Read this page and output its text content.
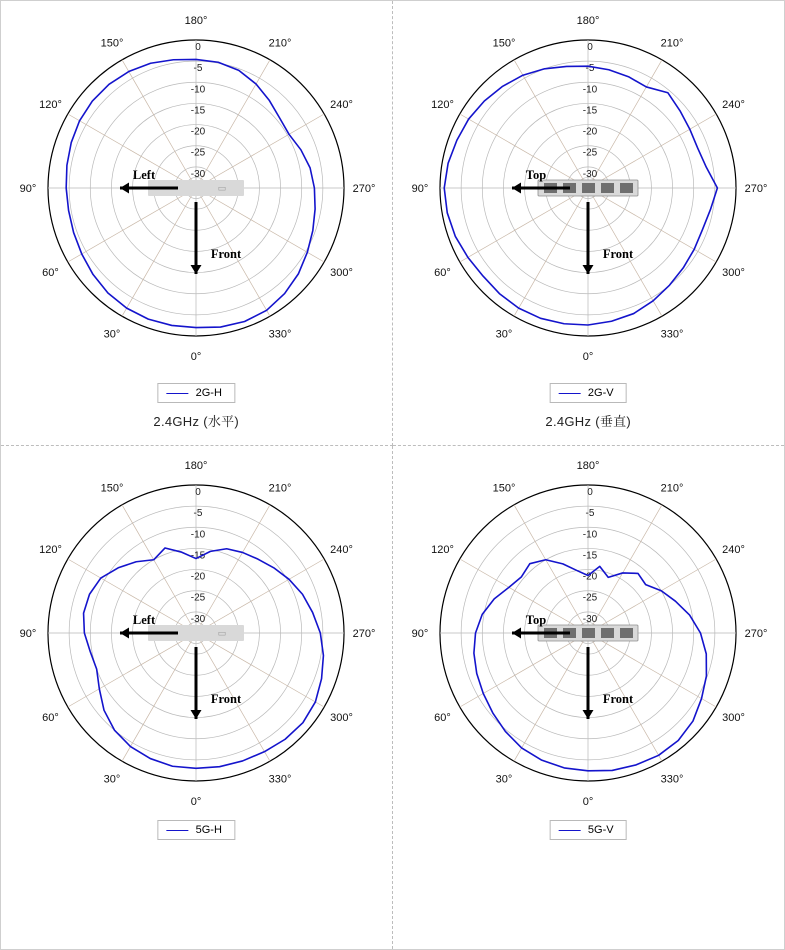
0
-5
-10
-15
-20
-25
-30
0°
30°
60°
90°
120°
150°
180°
210°
240°
270°
300°
330°
▭
Left
Front
2G-H
2.4GHz (水平)
0
-5
-10
-15
-20
-25
-30
0°
30°
60°
90°
120°
150°
180°
210°
240°
270°
300°
330°
Top
Front
2G-V
2.4GHz (垂直)
0
-5
-10
-15
-20
-25
-30
0°
30°
60°
90°
120°
150°
180°
210°
240°
270°
300°
330°
▭
Left
Front
5G-H
0
-5
-10
-15
-20
-25
-30
0°
30°
60°
90°
120°
150°
180°
210°
240°
270°
300°
330°
Top
Front
5G-V
